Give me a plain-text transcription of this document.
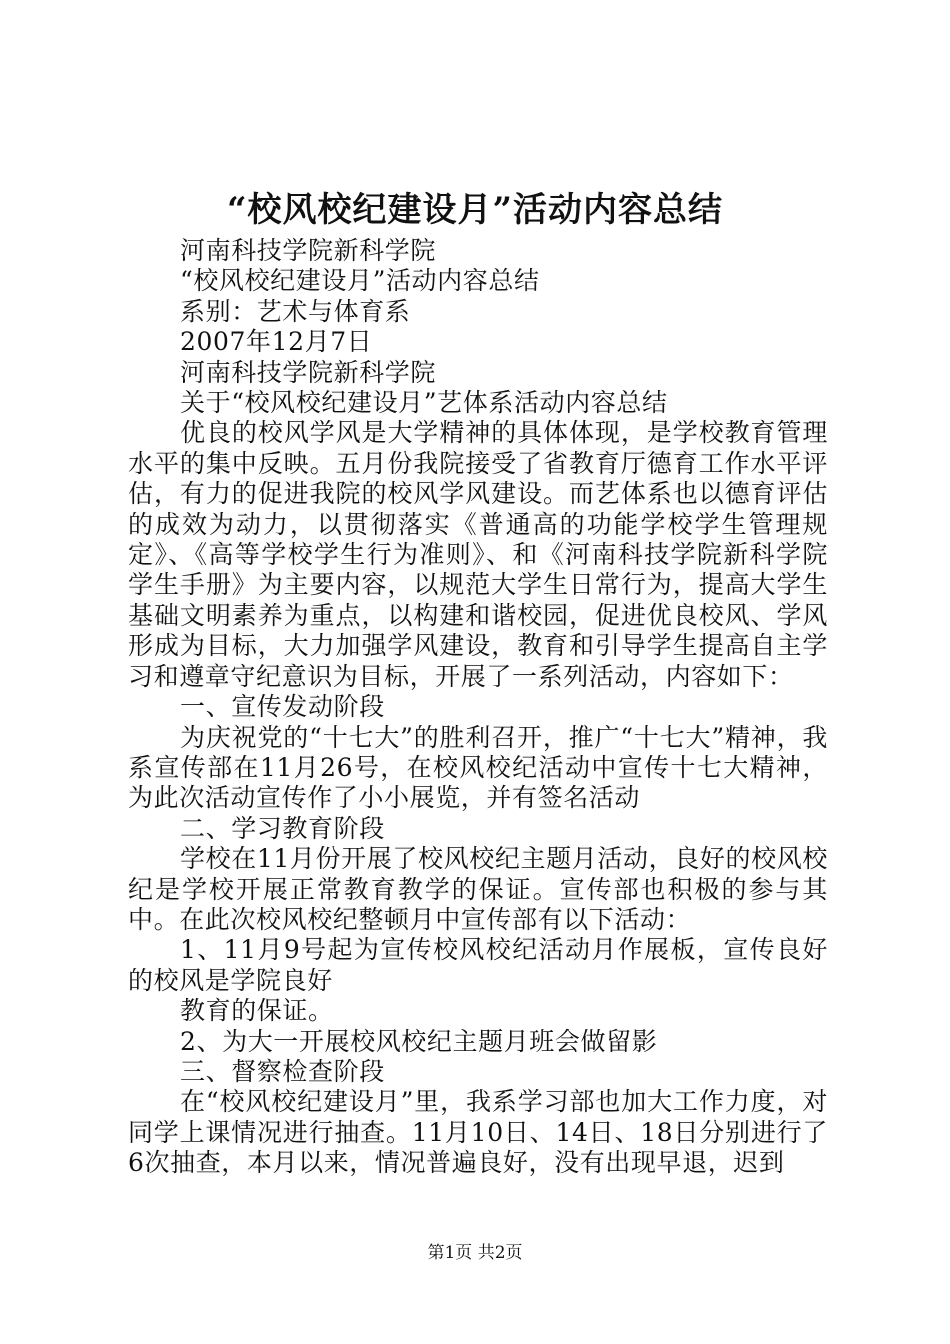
“校风校纪建设月”活动内容总结

河南科技学院新科学院

“校风校纪建设月”活动内容总结

系别：艺术与体育系

2007年12月7日

河南科技学院新科学院

关于“校风校纪建设月”艺体系活动内容总结

优良的校风学风是大学精神的具体体现，是学校教育管理水平的集中反映。五月份我院接受了省教育厅德育工作水平评估，有力的促进我院的校风学风建设。而艺体系也以德育评估的成效为动力，以贯彻落实《普通高的功能学校学生管理规定》、《高等学校学生行为准则》、和《河南科技学院新科学院学生手册》为主要内容，以规范大学生日常行为，提高大学生基础文明素养为重点，以构建和谐校园，促进优良校风、学风形成为目标，大力加强学风建设，教育和引导学生提高自主学习和遵章守纪意识为目标，开展了一系列活动，内容如下：

一、宣传发动阶段

为庆祝党的“十七大”的胜利召开，推广“十七大”精神，我系宣传部在11月26号，在校风校纪活动中宣传十七大精神，为此次活动宣传作了小小展览，并有签名活动

二、学习教育阶段

学校在11月份开展了校风校纪主题月活动，良好的校风校纪是学校开展正常教育教学的保证。宣传部也积极的参与其中。在此次校风校纪整顿月中宣传部有以下活动：

1、11月9号起为宣传校风校纪活动月作展板，宣传良好的校风是学院良好

教育的保证。

2、为大一开展校风校纪主题月班会做留影

三、督察检查阶段

在“校风校纪建设月”里，我系学习部也加大工作力度，对同学上课情况进行抽查。11月10日、14日、18日分别进行了6次抽查，本月以来，情况普遍良好，没有出现早退，迟到

第1页 共2页
